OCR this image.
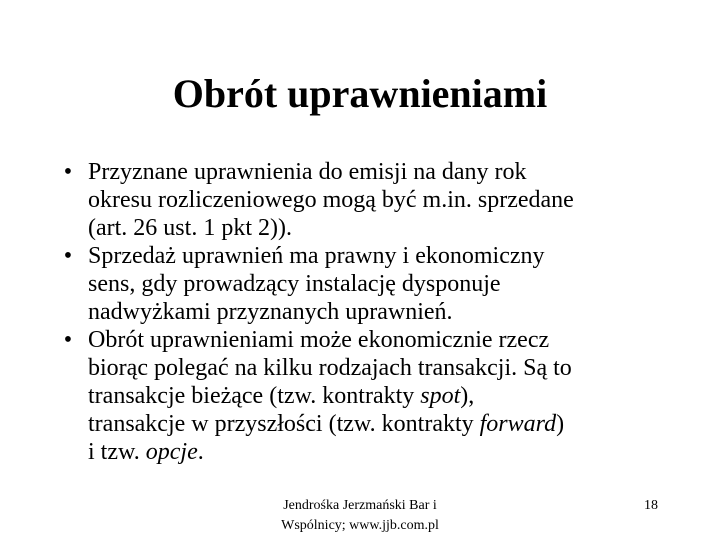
Obrót uprawnieniami
• Przyznane uprawnienia do emisji na dany rok
okresu rozliczeniowego mogą być m.in. sprzedane
(art. 26 ust. 1 pkt 2)).
• Sprzedaż uprawnień ma prawny i ekonomiczny
sens, gdy prowadzący instalację dysponuje
nadwyżkami przyznanych uprawnień.
• Obrót uprawnieniami może ekonomicznie rzecz
biorąc polegać na kilku rodzajach transakcji. Są to
transakcje bieżące (tzw. kontrakty spot),
transakcje w przyszłości (tzw. kontrakty forward)
i tzw. opcje.
Jendrośka Jerzmański Bar i
Wspólnicy; www.jjb.com.pl
18
